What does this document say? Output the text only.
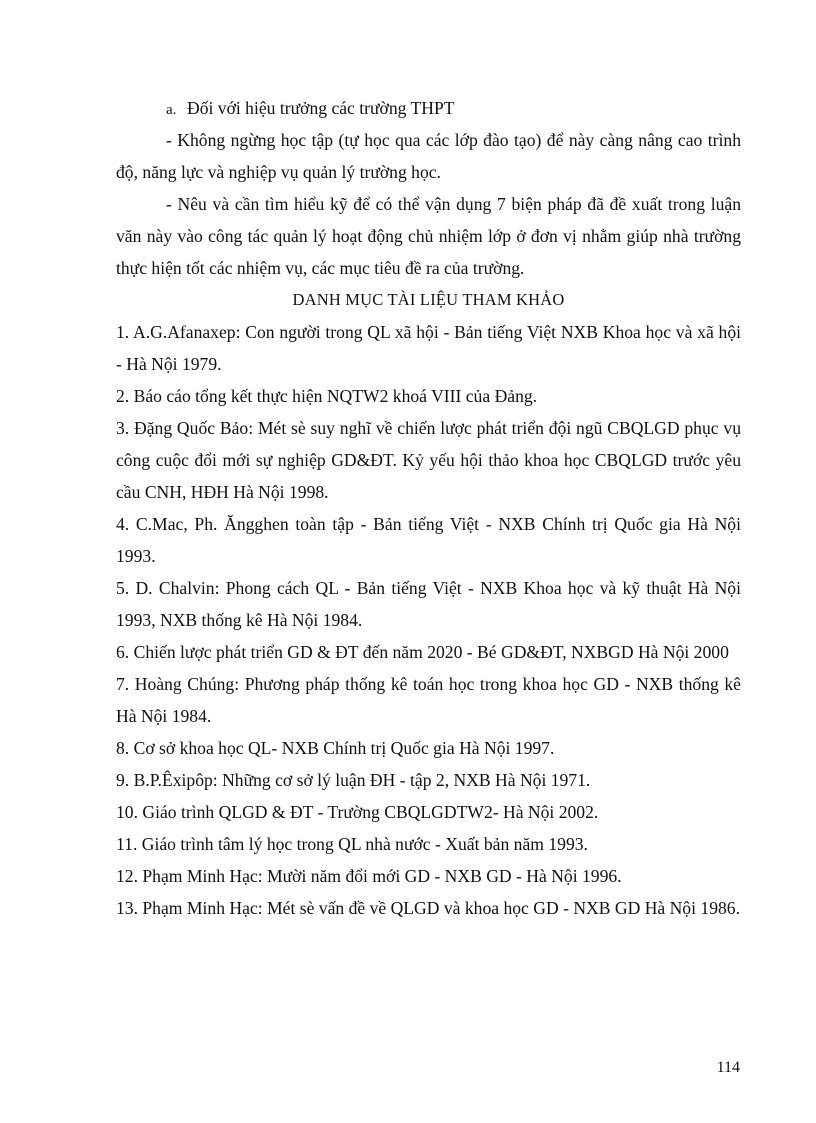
a. Đối với hiệu trưởng các trường THPT

- Không ngừng học tập (tự học qua các lớp đào tạo) để này càng nâng cao trình độ, năng lực và nghiệp vụ quản lý trường học.

- Nêu và cần tìm hiểu kỹ để có thể vận dụng 7 biện pháp đã đề xuất trong luận văn này vào công tác quản lý hoạt động chủ nhiệm lớp ở đơn vị nhằm giúp nhà trường thực hiện tốt các nhiệm vụ, các mục tiêu đề ra của trường.

DANH MỤC TÀI LIỆU THAM KHẢO

1. A.G.Afanaxep: Con người trong QL xã hội - Bản tiếng Việt NXB Khoa học và xã hội - Hà Nội 1979.

2. Báo cáo tổng kết thực hiện NQTW2 khoá VIII của Đảng.

3. Đặng Quốc Bảo: Mét sè suy nghĩ về chiến lược phát triển đội ngũ CBQLGD phục vụ công cuộc đổi mới sự nghiệp GD&ĐT. Kỷ yếu hội thảo khoa học CBQLGD trước yêu cầu CNH, HĐH Hà Nội 1998.

4. C.Mac, Ph. Ăngghen toàn tập - Bản tiếng Việt - NXB Chính trị Quốc gia Hà Nội 1993.

5. D. Chalvin: Phong cách QL - Bản tiếng Việt - NXB Khoa học và kỹ thuật Hà Nội 1993, NXB thống kê Hà Nội 1984.

6. Chiến lược phát triển GD & ĐT đến năm 2020 - Bé GD&ĐT, NXBGD Hà Nội 2000

7. Hoàng Chúng: Phương pháp thống kê toán học trong khoa học GD - NXB thống kê Hà Nội 1984.

8. Cơ sở khoa học QL- NXB Chính trị Quốc gia Hà Nội 1997.

9. B.P.Êxipôp: Những cơ sở lý luận ĐH - tập 2, NXB Hà Nội 1971.

10. Giáo trình QLGD & ĐT - Trường CBQLGDTW2- Hà Nội 2002.

11. Giáo trình tâm lý học trong QL nhà nước - Xuất bản năm 1993.

12. Phạm Minh Hạc: Mười năm đổi mới GD - NXB GD - Hà Nội 1996.

13. Phạm Minh Hạc: Mét sè vấn đề về QLGD và khoa học GD - NXB GD Hà Nội 1986.

114
